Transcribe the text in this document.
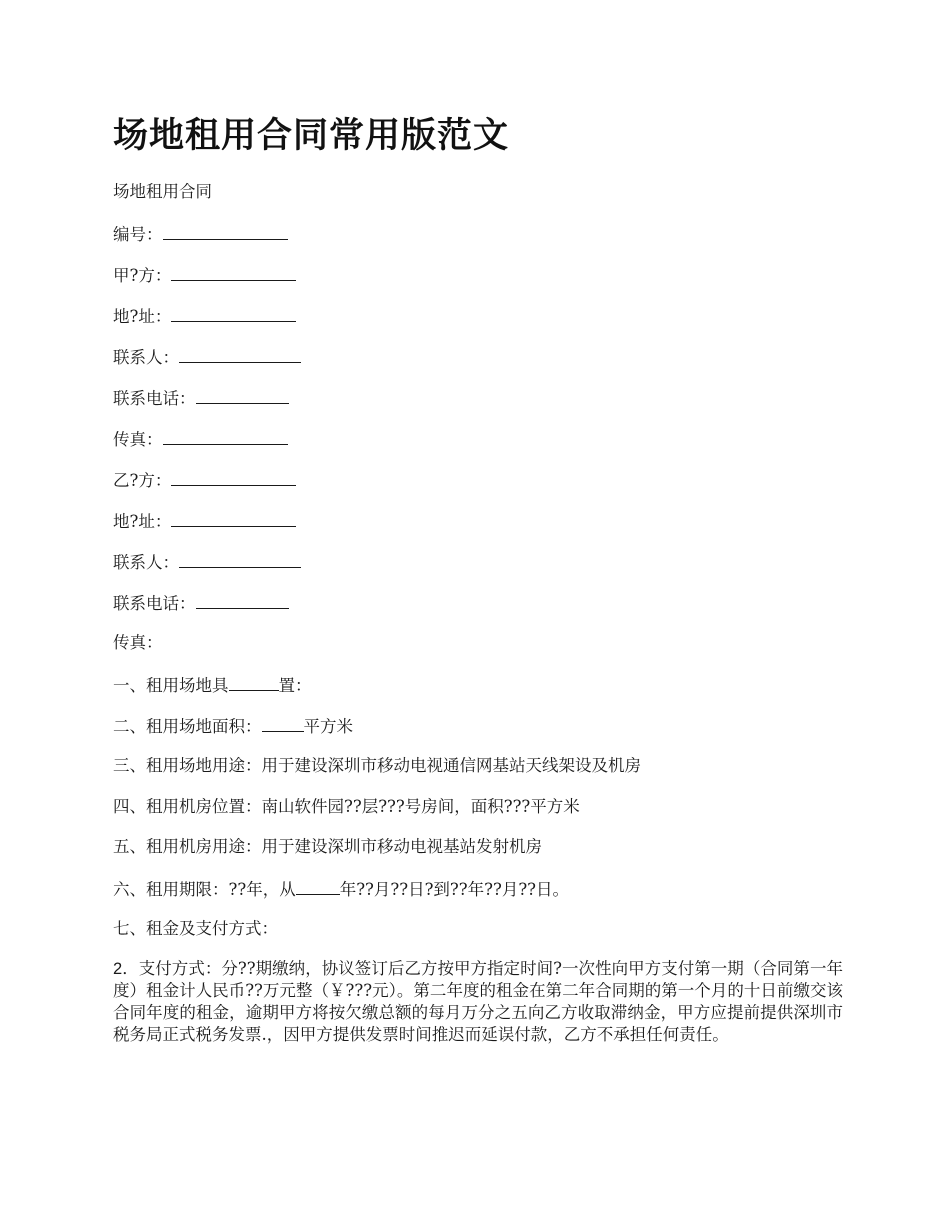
场地租用合同常用版范文

场地租用合同

编号：

甲?方：

地?址：

联系人：

联系电话：

传真：

乙?方：

地?址：

联系人：

联系电话：

传真：

一、租用场地具	置：

二、租用场地面积：	平方米

三、租用场地用途：用于建设深圳市移动电视通信网基站天线架设及机房

四、租用机房位置：南山软件园??层???号房间，面积???平方米

五、租用机房用途：用于建设深圳市移动电视基站发射机房

六、租用期限：??年，从	年??月??日?到??年??月??日。

七、租金及支付方式：

2．支付方式：分??期缴纳，协议签订后乙方按甲方指定时间?一次性向甲方支付第一期（合同第一年度）租金计人民币??万元整（￥???元）。第二年度的租金在第二年合同期的第一个月的十日前缴交该合同年度的租金，逾期甲方将按欠缴总额的每月万分之五向乙方收取滞纳金，甲方应提前提供深圳市税务局正式税务发票.，因甲方提供发票时间推迟而延误付款，乙方不承担任何责任。
